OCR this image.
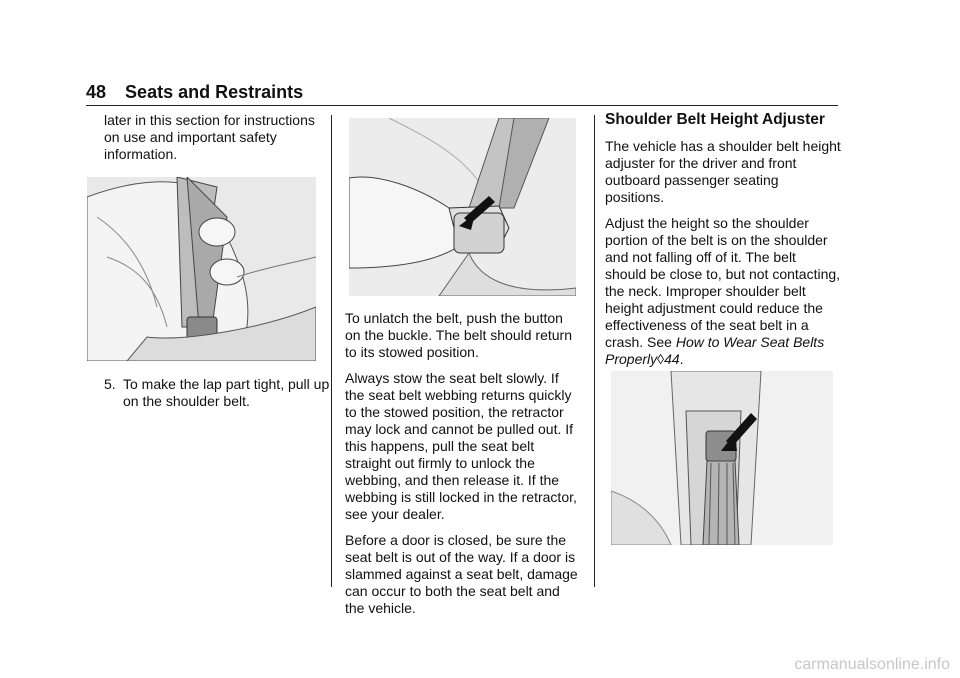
48 Seats and Restraints

later in this section for instructions on use and important safety information.

5. To make the lap part tight, pull up on the shoulder belt.

To unlatch the belt, push the button on the buckle. The belt should return to its stowed position.

Always stow the seat belt slowly. If the seat belt webbing returns quickly to the stowed position, the retractor may lock and cannot be pulled out. If this happens, pull the seat belt straight out firmly to unlock the webbing, and then release it. If the webbing is still locked in the retractor, see your dealer.

Before a door is closed, be sure the seat belt is out of the way. If a door is slammed against a seat belt, damage can occur to both the seat belt and the vehicle.

Shoulder Belt Height Adjuster

The vehicle has a shoulder belt height adjuster for the driver and front outboard passenger seating positions.

Adjust the height so the shoulder portion of the belt is on the shoulder and not falling off of it. The belt should be close to, but not contacting, the neck. Improper shoulder belt height adjustment could reduce the effectiveness of the seat belt in a crash. See How to Wear Seat Belts Properly◊44.

carmanualsonline.info
